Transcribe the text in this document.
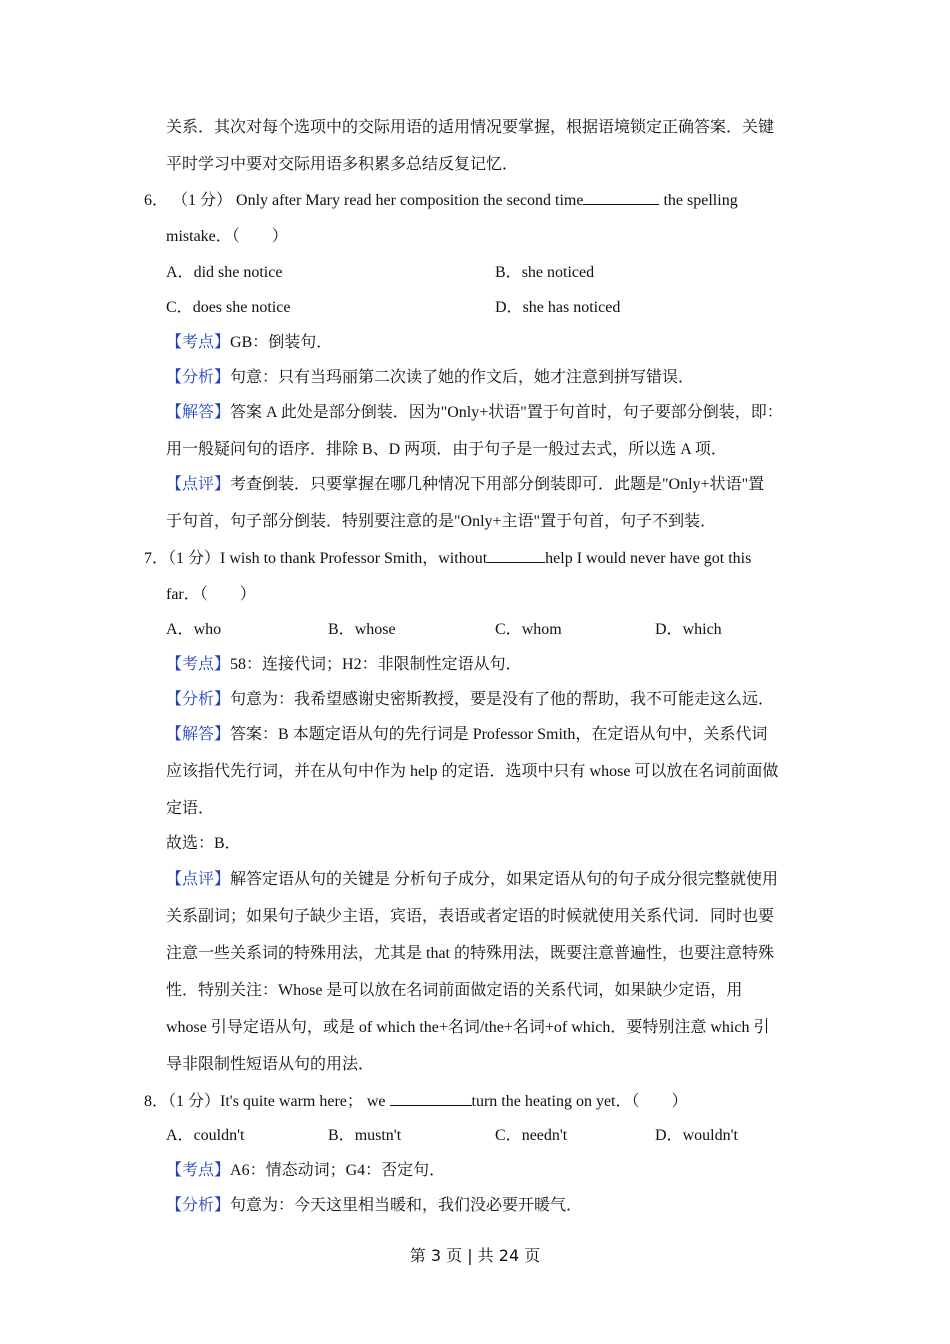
关系．其次对每个选项中的交际用语的适用情况要掌握，根据语境锁定正确答案．关键
平时学习中要对交际用语多积累多总结反复记忆．
6． （1 分） Only after Mary read her composition the second time	the spelling
mistake．（　　）
A．did she notice	B．she noticed
C．does she notice	D．she has noticed
【考点】GB：倒装句．
【分析】句意：只有当玛丽第二次读了她的作文后，她才注意到拼写错误．
【解答】答案 A 此处是部分倒装．因为"Only+状语"置于句首时，句子要部分倒装，即：
用一般疑问句的语序．排除 B、D 两项．由于句子是一般过去式，所以选 A 项．
【点评】考查倒装．只要掌握在哪几种情况下用部分倒装即可．此题是"Only+状语"置
于句首，句子部分倒装．特别要注意的是"Only+主语"置于句首，句子不到装．
7．（1 分）I wish to thank Professor Smith，without	help I would never have got this
far．（　　）
A．who	B．whose	C．whom	D．which
【考点】58：连接代词；H2：非限制性定语从句．
【分析】句意为：我希望感谢史密斯教授，要是没有了他的帮助，我不可能走这么远．
【解答】答案：B 本题定语从句的先行词是 Professor Smith，在定语从句中，关系代词
应该指代先行词，并在从句中作为 help 的定语．选项中只有 whose 可以放在名词前面做
定语．
故选：B．
【点评】解答定语从句的关键是 分析句子成分，如果定语从句的句子成分很完整就使用
关系副词；如果句子缺少主语，宾语，表语或者定语的时候就使用关系代词．同时也要
注意一些关系词的特殊用法，尤其是 that 的特殊用法，既要注意普遍性，也要注意特殊
性．特别关注：Whose 是可以放在名词前面做定语的关系代词，如果缺少定语，用
whose 引导定语从句，或是 of which the+名词/the+名词+of which．要特别注意 which 引
导非限制性短语从句的用法．
8．（1 分）It's quite warm here； we	turn the heating on yet．（　　）
A．couldn't	B．mustn't	C．needn't	D．wouldn't
【考点】A6：情态动词；G4：否定句．
【分析】句意为：今天这里相当暖和，我们没必要开暖气．
第 3 页 | 共 24 页
